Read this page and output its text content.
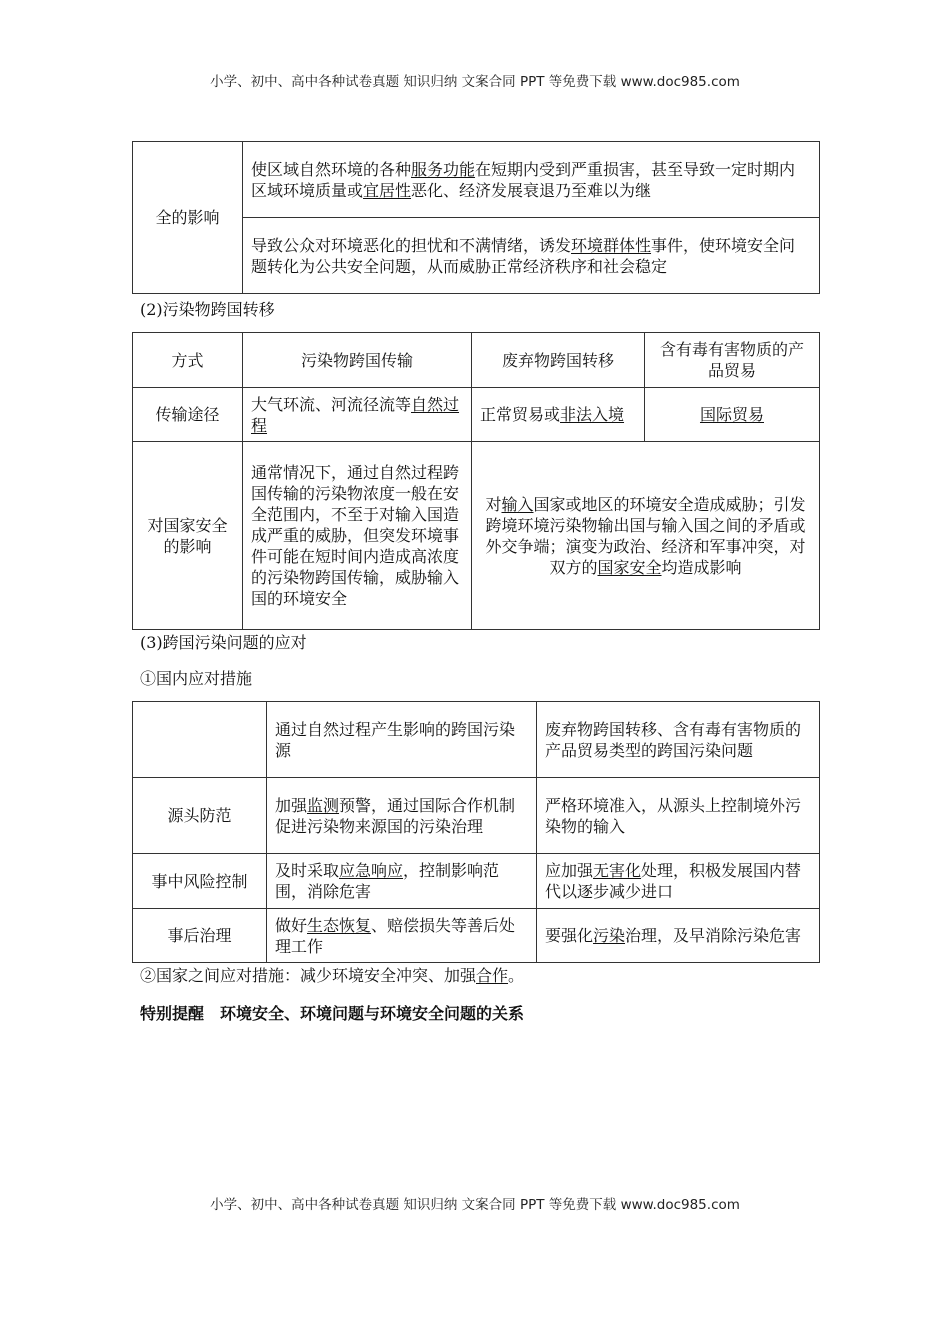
小学、初中、高中各种试卷真题 知识归纳 文案合同 PPT 等免费下载 www.doc985.com
全的影响	使区域自然环境的各种服务功能在短期内受到严重损害，甚至导致一定时期内区域环境质量或宜居性恶化、经济发展衰退乃至难以为继
导致公众对环境恶化的担忧和不满情绪，诱发环境群体性事件，使环境安全问题转化为公共安全问题，从而威胁正常经济秩序和社会稳定
(2)污染物跨国转移
方式	污染物跨国传输	废弃物跨国转移	含有毒有害物质的产品贸易
传输途径	大气环流、河流径流等自然过程	正常贸易或非法入境	国际贸易
对国家安全的影响	通常情况下，通过自然过程跨国传输的污染物浓度一般在安全范围内，不至于对输入国造成严重的威胁，但突发环境事件可能在短时间内造成高浓度的污染物跨国传输，威胁输入国的环境安全	对输入国家或地区的环境安全造成威胁；引发跨境环境污染物输出国与输入国之间的矛盾或外交争端；演变为政治、经济和军事冲突，对双方的国家安全均造成影响	
(3)跨国污染问题的应对
①国内应对措施
	通过自然过程产生影响的跨国污染源	废弃物跨国转移、含有毒有害物质的产品贸易类型的跨国污染问题
源头防范	加强监测预警，通过国际合作机制促进污染物来源国的污染治理	严格环境准入，从源头上控制境外污染物的输入
事中风险控制	及时采取应急响应，控制影响范围，消除危害	应加强无害化处理，积极发展国内替代以逐步减少进口
事后治理	做好生态恢复、赔偿损失等善后处理工作	要强化污染治理，及早消除污染危害
②国家之间应对措施：减少环境安全冲突、加强合作。
特别提醒　环境安全、环境问题与环境安全问题的关系
小学、初中、高中各种试卷真题 知识归纳 文案合同 PPT 等免费下载 www.doc985.com
